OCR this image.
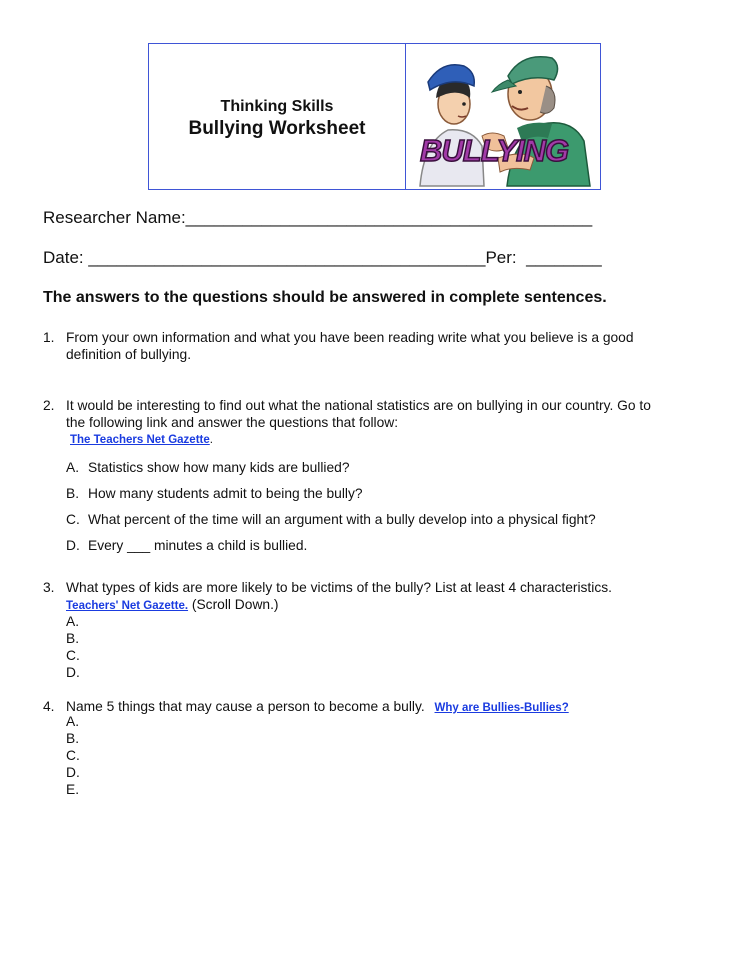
Thinking Skills
Bullying Worksheet
BULLYING
Researcher Name:___________________________________________
Date: __________________________________________Per:  ________
The answers to the questions should be answered in complete sentences.
1. From your own information and what you have been reading write what you believe is a good
definition of bullying.
2. It would be interesting to find out what the national statistics are on bullying in our country. Go to
the following link and answer the questions that follow:
The Teachers Net Gazette.
A. Statistics show how many kids are bullied?
B. How many students admit to being the bully?
C. What percent of the time will an argument with a bully develop into a physical fight?
D. Every ___ minutes a child is bullied.
3. What types of kids are more likely to be victims of the bully? List at least 4 characteristics.
Teachers' Net Gazette. (Scroll Down.)
A.
B.
C.
D.
4. Name 5 things that may cause a person to become a bully. Why are Bullies-Bullies?
A.
B.
C.
D.
E.
